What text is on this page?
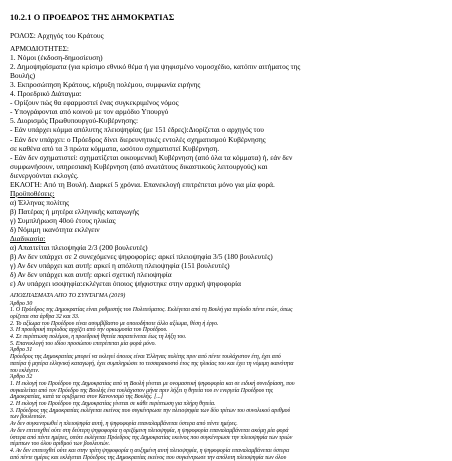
10.2.1 Ο ΠΡΟΕΔΡΟΣ ΤΗΣ ΔΗΜΟΚΡΑΤΙΑΣ
ΡΟΛΟΣ: Αρχηγός του Κράτους
ΑΡΜΟΔΙΟΤΗΤΕΣ:
1. Νόμοι (έκδοση-δημοσίευση)
2. Δημοψηφίσματα (για κρίσιμο εθνικό θέμα ή για ψηφισμένο νομοσχέδιο, κατόπιν αιτήματος της
Βουλής)
3. Εκπροσώπηση Κράτους, κήρυξη πολέμου, συμφωνία ειρήνης
4. Προεδρικό Διάταγμα:
- Ορίζουν πώς θα εφαρμοστεί ένας συγκεκριμένος νόμος
- Υπογράφονται από κοινού με τον αρμόδιο Υπουργό
5. Διορισμός Πρωθυπουργού-Κυβέρνησης:
- Εάν υπάρχει κόμμα απόλυτης πλειοψηφίας (με 151 έδρες):Διορίζεται ο αρχηγός του
- Εάν δεν υπάρχει: ο Πρόεδρος δίνει διερευνητικές εντολές σχηματισμού Κυβέρνησης
σε καθένα από τα 3 πρώτα κόμματα, ωσότου σχηματιστεί Κυβέρνηση.
- Εάν δεν σχηματιστεί: σχηματίζεται οικουμενική Κυβέρνηση (από όλα τα κόμματα) ή, εάν δεν
συμφωνήσουν, υπηρεσιακή Κυβέρνηση (από ανωτάτους δικαστικούς λειτουργούς) και
διενεργούνται εκλογές.
ΕΚΛΟΓΗ: Από τη Βουλή. Διαρκεί 5 χρόνια. Επανεκλογή επιτρέπεται μόνο για μία φορά.
Προϋποθέσεις:
α) Έλληνας πολίτης
β) Πατέρας ή μητέρα ελληνικής καταγωγής
γ) Συμπλήρωση 40ού έτους ηλικίας
δ) Νόμιμη ικανότητα εκλέγειν
Διαδικασία:
α) Απαιτείται πλειοψηφία 2/3 (200 βουλευτές)
β) Αν δεν υπάρχει σε 2 συνεχόμενες ψηφοφορίες: αρκεί πλειοψηφία 3/5 (180 βουλευτές)
γ) Αν δεν υπάρχει και αυτή: αρκεί η απόλυτη πλειοψηφία (151 βουλευτές)
δ) Αν δεν υπάρχει και αυτή: αρκεί σχετική πλειοψηφία
ε) Αν υπάρχει ισοψηφία:εκλέγεται όποιος ψήφιστηκε στην αρχική ψηφοφορία
ΑΠΟΣΠΑΣΜΑΤΑ ΑΠΟ ΤΟ ΣΥΝΤΑΓΜΑ (2019)
Άρθρο 30
1. Ο Πρόεδρος της Δημοκρατίας είναι ρυθμιστής του Πολιτεύματος. Εκλέγεται από τη Βουλή για περίοδο πέντε ετών, όπως
ορίζεται στα άρθρα 32 και 33.
2. Το αξίωμα του Προέδρου είναι ασυμβίβαστο με οποιοδήποτε άλλο αξίωμα, θέση ή έργο.
3. Η προεδρική περίοδος αρχίζει από την ορκωμοσία του Προέδρου.
4. Σε περίπτωση πολέμου, η προεδρική θητεία παρατείνεται έως τη λήξη του.
5. Επανεκλογή του ιδίου προσώπου επιτρέπεται μία φορά μόνο.
Άρθρο 31
Πρόεδρος της Δημοκρατίας μπορεί να εκλεγεί όποιος είναι Έλληνας πολίτης πριν από πέντε τουλάχιστον έτη, έχει από
πατέρα ή μητέρα ελληνική καταγωγή, έχει συμπληρώσει το τεσσαρακοστό έτος της ηλικίας του και έχει τη νόμιμη ικανότητα
του εκλέγειν.
Άρθρο 32
1. Η εκλογή του Προέδρου της Δημοκρατίας από τη Βουλή γίνεται με ονομαστική ψηφοφορία και σε ειδική συνεδρίαση, που
συγκαλείται από τον Πρόεδρο της Βουλής ένα τουλάχιστον μήνα πριν λήξει η θητεία του εν ενεργεία Προέδρου της
Δημοκρατίας, κατά τα οριζόμενα στον Κανονισμό της Βουλής. [...]
2. Η εκλογή του Προέδρου της Δημοκρατίας γίνεται σε κάθε περίπτωση για πλήρη θητεία.
3. Πρόεδρος της Δημοκρατίας εκλέγεται εκείνος που συγκέντρωσε την πλειοψηφία των δύο τρίτων του συνολικού αριθμού
των βουλευτών.
Αν δεν συγκεντρωθεί η πλειοψηφία αυτή, η ψηφοφορία επαναλαμβάνεται ύστερα από πέντε ημέρες.
Αν δεν επιτευχθεί ούτε στη δεύτερη ψηφοφορία η οριζόμενη πλειοψηφία, η ψηφοφορία επαναλαμβάνεται ακόμη μία φορά
ύστερα από πέντε ημέρες, οπότε εκλέγεται Πρόεδρος της Δημοκρατίας εκείνος που συγκέντρωσε την πλειοψηφία των τριών
πέμπτων του όλου αριθμού των βουλευτών.
4. Αν δεν επιτευχθεί ούτε και στην τρίτη ψηφοφορία η αυξημένη αυτή πλειοψηφία, η ψηφοφορία επαναλαμβάνεται ύστερα
από πέντε ημέρες και εκλέγεται Πρόεδρος της Δημοκρατίας εκείνος που συγκέντρωσε την απόλυτη πλειοψηφία των όλου
